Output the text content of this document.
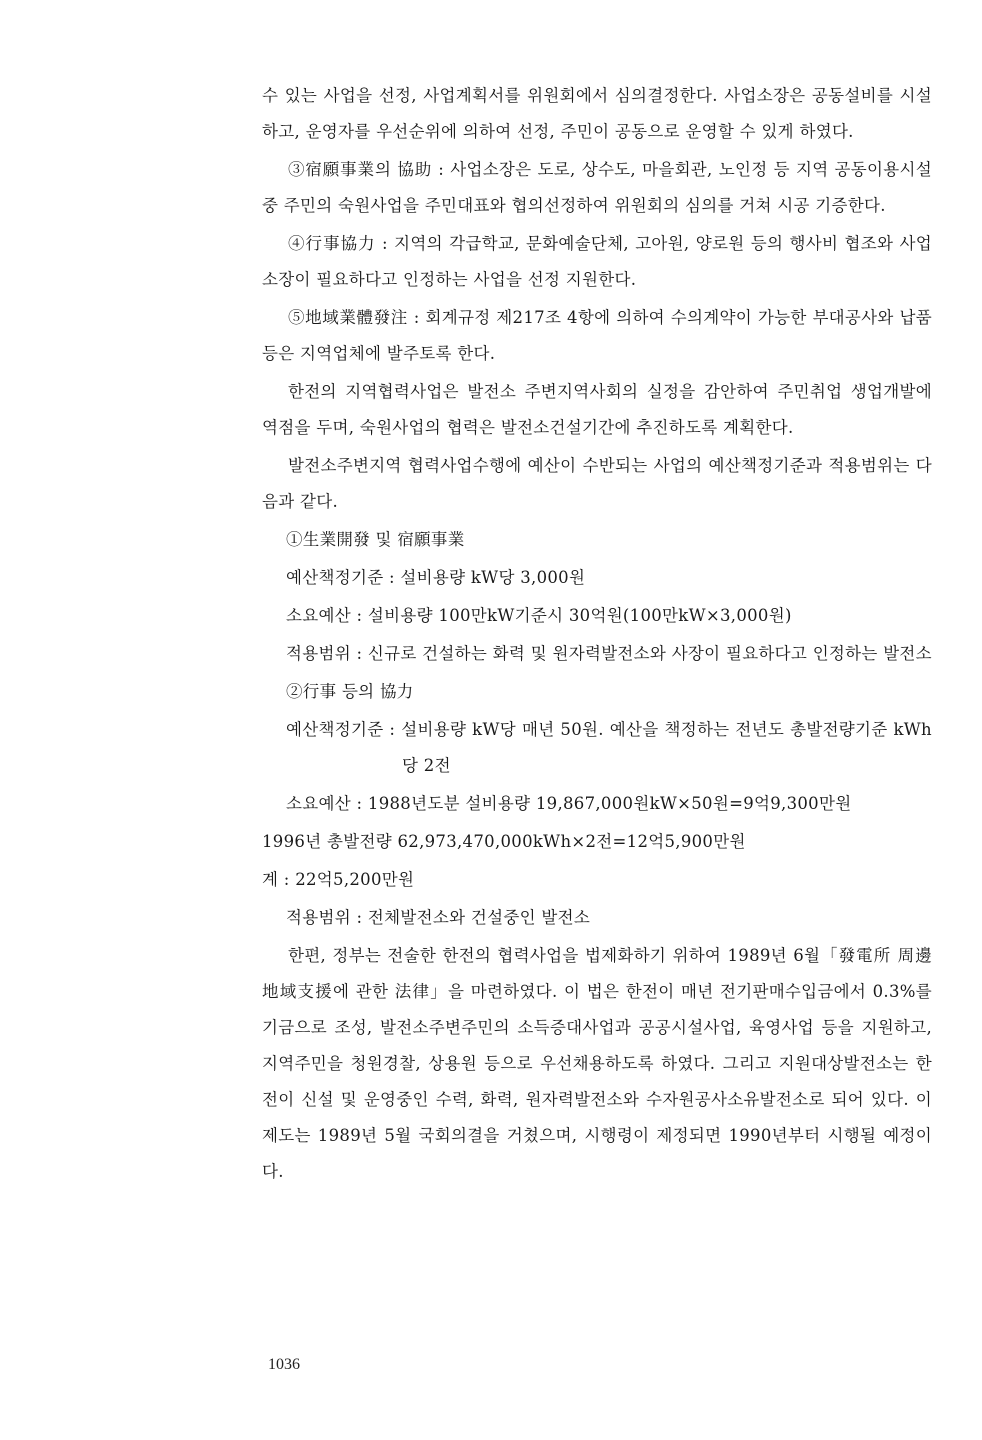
수 있는 사업을 선정, 사업계획서를 위원회에서 심의결정한다. 사업소장은 공동설비를 시설하고, 운영자를 우선순위에 의하여 선정, 주민이 공동으로 운영할 수 있게 하였다.

③宿願事業의 協助 : 사업소장은 도로, 상수도, 마을회관, 노인정 등 지역 공동이용시설 중 주민의 숙원사업을 주민대표와 협의선정하여 위원회의 심의를 거쳐 시공 기증한다.

④行事協力 : 지역의 각급학교, 문화예술단체, 고아원, 양로원 등의 행사비 협조와 사업소장이 필요하다고 인정하는 사업을 선정 지원한다.

⑤地域業體發注 : 회계규정 제217조 4항에 의하여 수의계약이 가능한 부대공사와 납품 등은 지역업체에 발주토록 한다.

한전의 지역협력사업은 발전소 주변지역사회의 실정을 감안하여 주민취업 생업개발에 역점을 두며, 숙원사업의 협력은 발전소건설기간에 추진하도록 계획한다.

발전소주변지역 협력사업수행에 예산이 수반되는 사업의 예산책정기준과 적용범위는 다음과 같다.

①生業開發 및 宿願事業

예산책정기준 : 설비용량 kW당 3,000원

소요예산 : 설비용량 100만kW기준시 30억원(100만kW×3,000원)

적용범위 : 신규로 건설하는 화력 및 원자력발전소와 사장이 필요하다고 인정하는 발전소

②行事 등의 協力

예산책정기준 : 설비용량 kW당 매년 50원. 예산을 책정하는 전년도 총발전량기준 kWh당 2전

소요예산 : 1988년도분 설비용량 19,867,000원kW×50원=9억9,300만원

1996년 총발전량 62,973,470,000kWh×2전=12억5,900만원

계 : 22억5,200만원

적용범위 : 전체발전소와 건설중인 발전소

한편, 정부는 전술한 한전의 협력사업을 법제화하기 위하여 1989년 6월「發電所 周邊地域支援에 관한 法律」을 마련하였다. 이 법은 한전이 매년 전기판매수입금에서 0.3%를 기금으로 조성, 발전소주변주민의 소득증대사업과 공공시설사업, 육영사업 등을 지원하고, 지역주민을 청원경찰, 상용원 등으로 우선채용하도록 하였다. 그리고 지원대상발전소는 한전이 신설 및 운영중인 수력, 화력, 원자력발전소와 수자원공사소유발전소로 되어 있다. 이 제도는 1989년 5월 국회의결을 거쳤으며, 시행령이 제정되면 1990년부터 시행될 예정이다.

1036
